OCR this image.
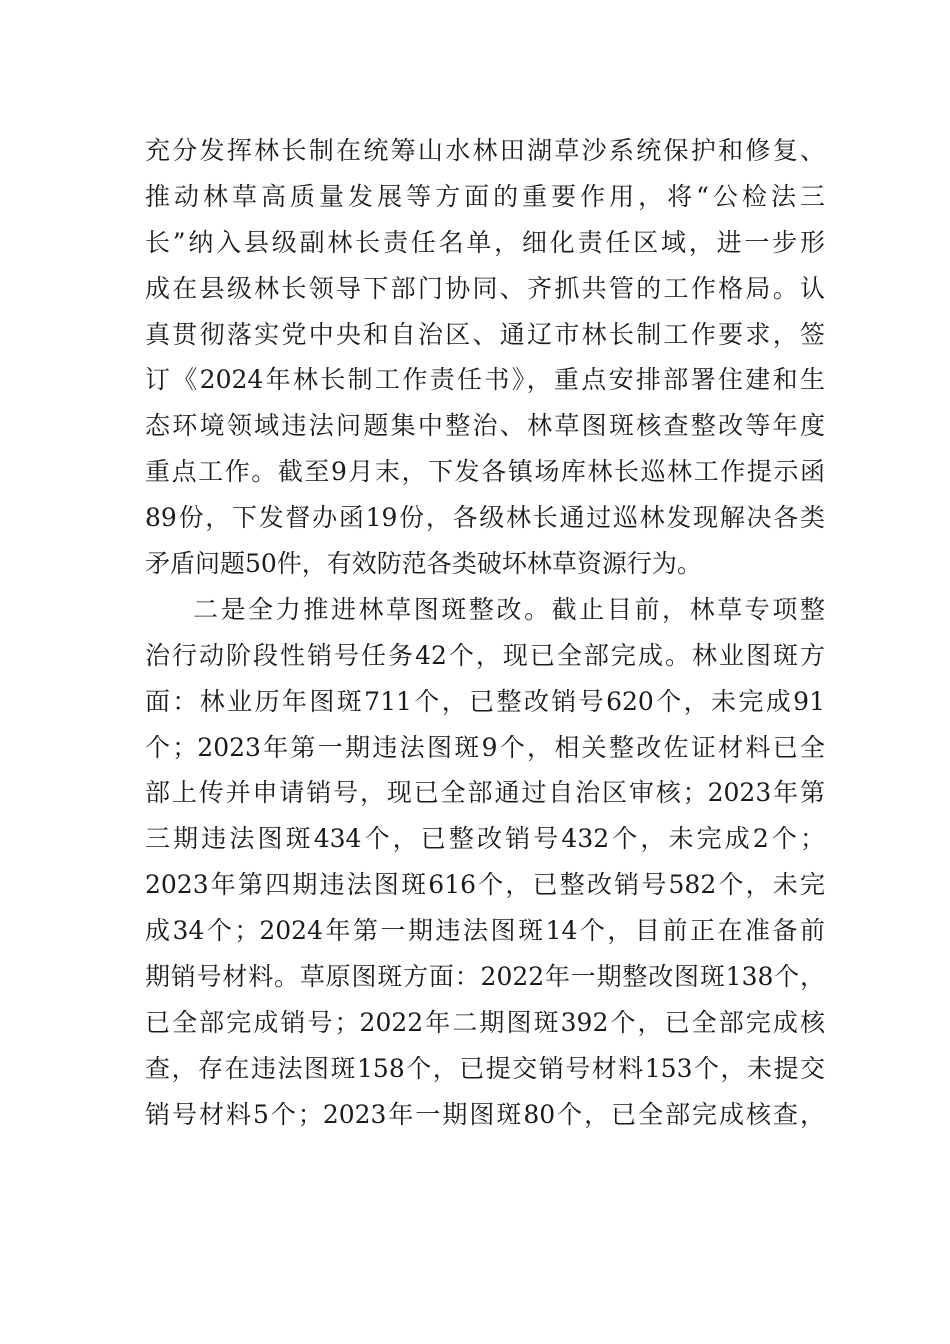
充分发挥林长制在统筹山水林田湖草沙系统保护和修复、
推动林草高质量发展等方面的重要作用，将“公检法三
长”纳入县级副林长责任名单，细化责任区域，进一步形
成在县级林长领导下部门协同、齐抓共管的工作格局。认
真贯彻落实党中央和自治区、通辽市林长制工作要求，签
订《2024年林长制工作责任书》，重点安排部署住建和生
态环境领域违法问题集中整治、林草图斑核查整改等年度
重点工作。截至9月末，下发各镇场库林长巡林工作提示函
89份，下发督办函19份，各级林长通过巡林发现解决各类
矛盾问题50件，有效防范各类破坏林草资源行为。
二是全力推进林草图斑整改。截止目前，林草专项整
治行动阶段性销号任务42个，现已全部完成。林业图斑方
面：林业历年图斑711个，已整改销号620个，未完成91
个；2023年第一期违法图斑9个，相关整改佐证材料已全
部上传并申请销号，现已全部通过自治区审核；2023年第
三期违法图斑434个，已整改销号432个，未完成2个；
2023年第四期违法图斑616个，已整改销号582个，未完
成34个；2024年第一期违法图斑14个，目前正在准备前
期销号材料。草原图斑方面：2022年一期整改图斑138个，
已全部完成销号；2022年二期图斑392个，已全部完成核
查，存在违法图斑158个，已提交销号材料153个，未提交
销号材料5个；2023年一期图斑80个，已全部完成核查，
